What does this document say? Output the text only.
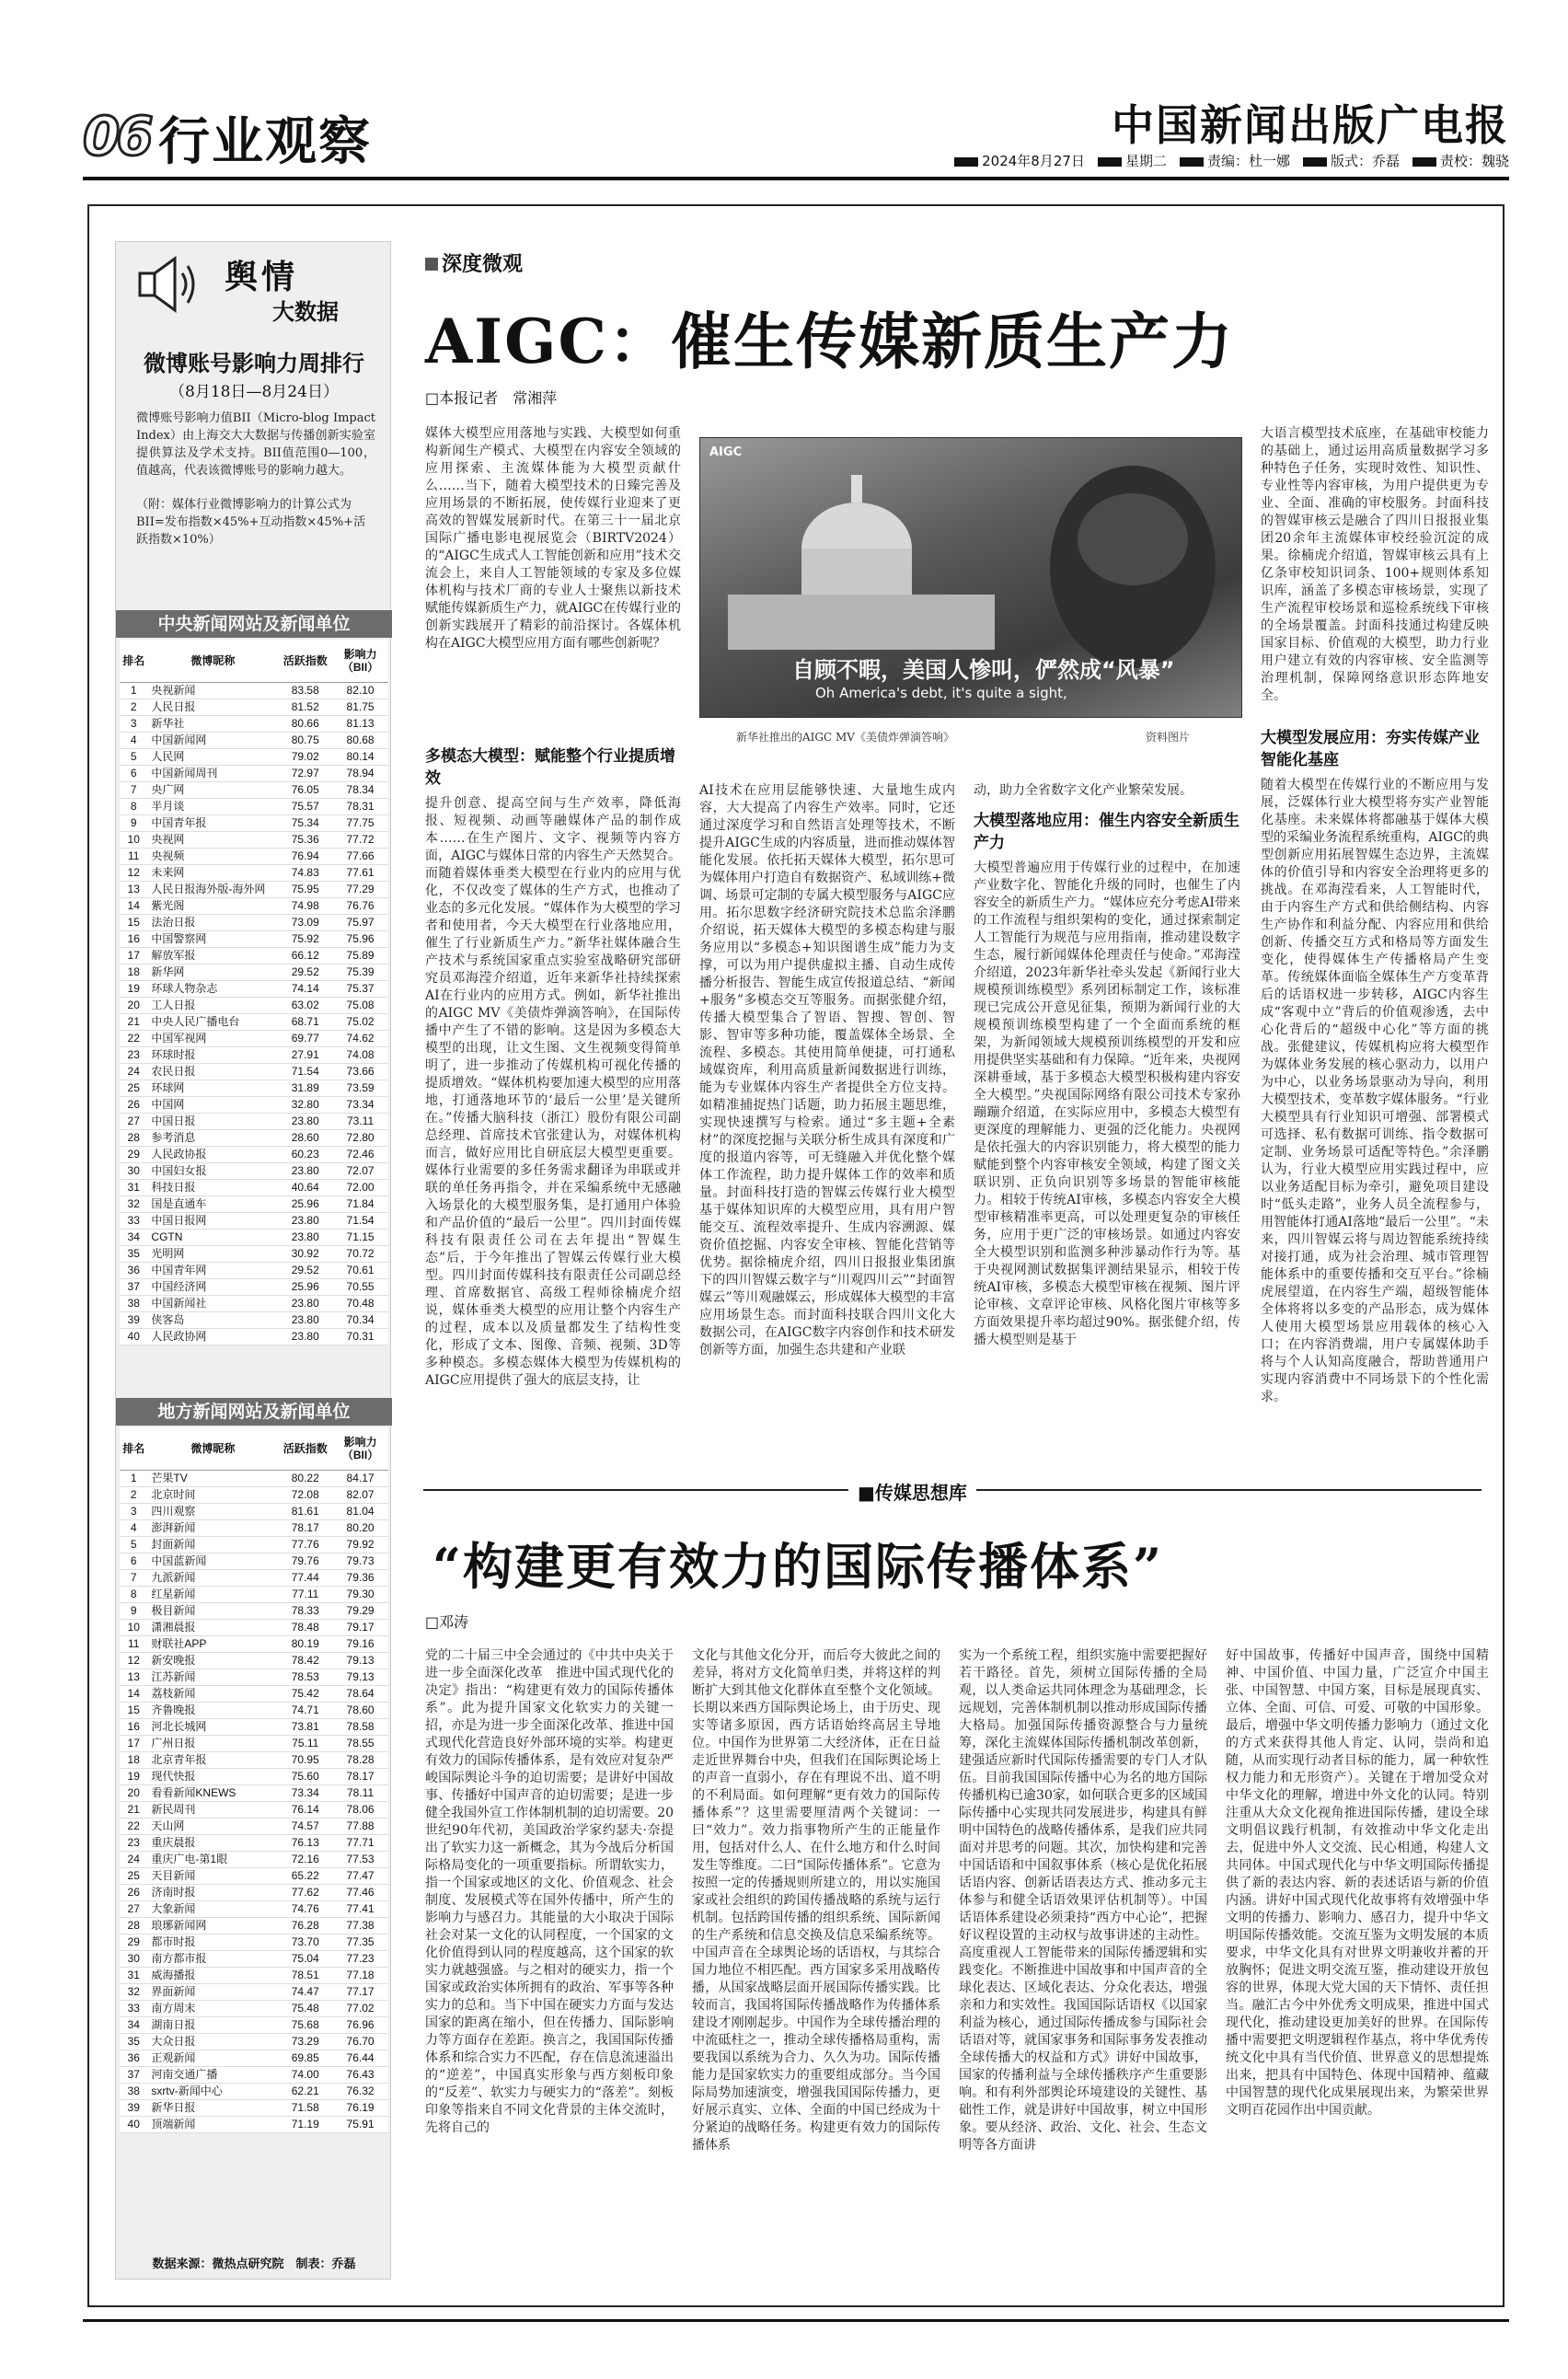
06 行业观察	中国新闻出版广电报
2024年8月27日	星期二	责编：杜一娜	版式：乔磊	责校：魏骁
舆情
大数据
微博账号影响力周排行
（8月18日—8月24日）
微博账号影响力值BII（Micro-blog Impact Index）由上海交大大数据与传播创新实验室提供算法及学术支持。BII值范围0—100，值越高，代表该微博账号的影响力越大。
（附：媒体行业微博影响力的计算公式为BII=发布指数×45%+互动指数×45%+活跃指数×10%）
中央新闻网站及新闻单位
排名	微博昵称	活跃指数	影响力（BII）
1	央视新闻	83.58	82.10
2	人民日报	81.52	81.75
3	新华社	80.66	81.13
4	中国新闻网	80.75	80.68
5	人民网	79.02	80.14
6	中国新闻周刊	72.97	78.94
7	央广网	76.05	78.34
8	半月谈	75.57	78.31
9	中国青年报	75.34	77.75
10	央视网	75.36	77.72
11	央视频	76.94	77.66
12	未来网	74.83	77.61
13	人民日报海外版-海外网	75.95	77.29
14	紫光阁	74.98	76.76
15	法治日报	73.09	75.97
16	中国警察网	75.92	75.96
17	解放军报	66.12	75.89
18	新华网	29.52	75.39
19	环球人物杂志	74.14	75.37
20	工人日报	63.02	75.08
21	中央人民广播电台	68.71	75.02
22	中国军视网	69.77	74.62
23	环球时报	27.91	74.08
24	农民日报	71.54	73.66
25	环球网	31.89	73.59
26	中国网	32.80	73.34
27	中国日报	23.80	73.11
28	参考消息	28.60	72.80
29	人民政协报	60.23	72.46
30	中国妇女报	23.80	72.07
31	科技日报	40.64	72.00
32	国是直通车	25.96	71.84
33	中国日报网	23.80	71.54
34	CGTN	23.80	71.15
35	光明网	30.92	70.72
36	中国青年网	29.52	70.61
37	中国经济网	25.96	70.55
38	中国新闻社	23.80	70.48
39	侠客岛	23.80	70.34
40	人民政协网	23.80	70.31
地方新闻网站及新闻单位
排名	微博昵称	活跃指数	影响力（BII）
1	芒果TV	80.22	84.17
2	北京时间	72.08	82.07
3	四川观察	81.61	81.04
4	澎湃新闻	78.17	80.20
5	封面新闻	77.76	79.92
6	中国蓝新闻	79.76	79.73
7	九派新闻	77.44	79.36
8	红星新闻	77.11	79.30
9	极目新闻	78.33	79.29
10	潇湘晨报	78.48	79.17
11	财联社APP	80.19	79.16
12	新安晚报	78.42	79.13
13	江苏新闻	78.53	79.13
14	荔枝新闻	75.42	78.64
15	齐鲁晚报	74.71	78.60
16	河北长城网	73.81	78.58
17	广州日报	75.11	78.55
18	北京青年报	70.95	78.28
19	现代快报	75.60	78.17
20	看看新闻KNEWS	73.34	78.11
21	新民周刊	76.14	78.06
22	天山网	74.57	77.88
23	重庆晨报	76.13	77.71
24	重庆广电-第1眼	72.16	77.53
25	天目新闻	65.22	77.47
26	济南时报	77.62	77.46
27	大象新闻	74.76	77.41
28	琅琊新闻网	76.28	77.38
29	都市时报	73.70	77.35
30	南方都市报	75.04	77.23
31	威海播报	78.51	77.18
32	界面新闻	74.47	77.17
33	南方周末	75.48	77.02
34	湖南日报	75.68	76.96
35	大众日报	73.29	76.70
36	正观新闻	69.85	76.44
37	河南交通广播	74.00	76.43
38	sxrtv-新闻中心	62.21	76.32
39	新华日报	71.58	76.19
40	顶端新闻	71.19	75.91
数据来源：微热点研究院　制表：乔磊
深度微观
AIGC：催生传媒新质生产力
□本报记者　常湘萍
媒体大模型应用落地与实践、大模型如何重构新闻生产模式、大模型在内容安全领域的应用探索、主流媒体能为大模型贡献什么……当下，随着大模型技术的日臻完善及应用场景的不断拓展，使传媒行业迎来了更高效的智媒发展新时代。在第三十一届北京国际广播电影电视展览会（BIRTV2024）的“AIGC生成式人工智能创新和应用”技术交流会上，来自人工智能领域的专家及多位媒体机构与技术厂商的专业人士聚焦以新技术赋能传媒新质生产力，就AIGC在传媒行业的创新实践展开了精彩的前沿探讨。各媒体机构在AIGC大模型应用方面有哪些创新呢？
AIGC
自顾不暇，美国人惨叫，俨然成“风暴”
Oh America's debt, it's quite a sight,
新华社推出的AIGC MV《美债炸弹滴答响》	资料图片
大语言模型技术底座，在基础审校能力的基础上，通过运用高质量数据学习多种特色子任务，实现时效性、知识性、专业性等内容审核，为用户提供更为专业、全面、准确的审校服务。封面科技的智媒审核云是融合了四川日报报业集团20余年主流媒体审校经验沉淀的成果。徐楠虎介绍道，智媒审核云具有上亿条审校知识词条、100+规则体系知识库，涵盖了多模态审核场景，实现了生产流程审校场景和巡检系统线下审核的全场景覆盖。封面科技通过构建反映国家目标、价值观的大模型，助力行业用户建立有效的内容审核、安全监测等治理机制，保障网络意识形态阵地安全。
大模型发展应用：夯实传媒产业智能化基座
随着大模型在传媒行业的不断应用与发展，泛媒体行业大模型将夯实产业智能化基座。未来媒体将都融基于媒体大模型的采编业务流程系统重构，AIGC的典型创新应用拓展智媒生态边界，主流媒体的价值引导和内容安全治理将更多的挑战。在邓海滢看来，人工智能时代，由于内容生产方式和供给侧结构、内容生产协作和利益分配、内容应用和供给创新、传播交互方式和格局等方面发生变化，使得媒体生产传播格局产生变革。传统媒体面临全媒体生产方变革背后的话语权进一步转移，AIGC内容生成“客观中立”背后的价值观渗透，去中心化背后的“超级中心化”等方面的挑战。张健建议，传媒机构应将大模型作为媒体业务发展的核心驱动力，以用户为中心，以业务场景驱动为导向，利用大模型技术，变革数字媒体服务。“行业大模型具有行业知识可增强、部署模式可选择、私有数据可训练、指令数据可定制、业务场景可适配等特色。”余泽鹏认为，行业大模型应用实践过程中，应以业务适配目标为牵引，避免项目建设时“低头走路”，业务人员全流程参与，用智能体打通AI落地“最后一公里”。“未来，四川智媒云将与周边智能系统持续对接打通，成为社会治理、城市管理智能体系中的重要传播和交互平台。”徐楠虎展望道，在内容生产端，超级智能体全体将将以多变的产品形态，成为媒体人使用大模型场景应用载体的核心入口；在内容消费端，用户专属媒体助手将与个人认知高度融合，帮助普通用户实现内容消费中不同场景下的个性化需求。
多模态大模型：赋能整个行业提质增效
提升创意、提高空间与生产效率，降低海报、短视频、动画等融媒体产品的制作成本……在生产图片、文字、视频等内容方面，AIGC与媒体日常的内容生产天然契合。而随着媒体垂类大模型在行业内的应用与优化，不仅改变了媒体的生产方式，也推动了业态的多元化发展。“媒体作为大模型的学习者和使用者，今天大模型在行业落地应用，催生了行业新质生产力。”新华社媒体融合生产技术与系统国家重点实验室战略研究部研究员邓海滢介绍道，近年来新华社持续探索AI在行业内的应用方式。例如，新华社推出的AIGC MV《美债炸弹滴答响》，在国际传播中产生了不错的影响。这是因为多模态大模型的出现，让文生图、文生视频变得简单明了，进一步推动了传媒机构可视化传播的提质增效。“媒体机构要加速大模型的应用落地，打通落地环节的‘最后一公里’是关键所在。”传播大脑科技（浙江）股份有限公司副总经理、首席技术官张建认为，对媒体机构而言，做好应用比自研底层大模型更重要。媒体行业需要的多任务需求翻译为串联或并联的单任务再指令，并在采编系统中无感融入场景化的大模型服务集，是打通用户体验和产品价值的“最后一公里”。四川封面传媒科技有限责任公司在去年提出“智媒生态”后，于今年推出了智媒云传媒行业大模型。四川封面传媒科技有限责任公司副总经理、首席数据官、高级工程师徐楠虎介绍说，媒体垂类大模型的应用让整个内容生产的过程，成本以及质量都发生了结构性变化，形成了文本、图像、音频、视频、3D等多种模态。多模态媒体大模型为传媒机构的AIGC应用提供了强大的底层支持，让
AI技术在应用层能够快速、大量地生成内容，大大提高了内容生产效率。同时，它还通过深度学习和自然语言处理等技术，不断提升AIGC生成的内容质量，进而推动媒体智能化发展。依托拓天媒体大模型，拓尔思可为媒体用户打造自有数据资产、私域训练+微调、场景可定制的专属大模型服务与AIGC应用。拓尔思数字经济研究院技术总监余泽鹏介绍说，拓天媒体大模型的多模态构建与服务应用以“多模态+知识图谱生成”能力为支撑，可以为用户提供虚拟主播、自动生成传播分析报告、智能生成宣传报道总结、“新闻+服务”多模态交互等服务。而据张健介绍，传播大模型集合了智语、智搜、智创、智影、智审等多种功能，覆盖媒体全场景、全流程、多模态。其使用简单便捷，可打通私域媒资库，利用高质量新闻数据进行训练，能为专业媒体内容生产者提供全方位支持。如精准捕捉热门话题，助力拓展主题思维，实现快速撰写与检索。通过“多主题+全素材”的深度挖掘与关联分析生成具有深度和广度的报道内容等，可无缝融入并优化整个媒体工作流程，助力提升媒体工作的效率和质量。封面科技打造的智媒云传媒行业大模型基于媒体知识库的大模型应用，具有用户智能交互、流程效率提升、生成内容溯源、媒资价值挖掘、内容安全审核、智能化营销等优势。据徐楠虎介绍，四川日报报业集团旗下的四川智媒云数字与“川观四川云”“封面智媒云”等川观融媒云，形成媒体大模型的丰富应用场景生态。而封面科技联合四川文化大数据公司，在AIGC数字内容创作和技术研发创新等方面，加强生态共建和产业联
动，助力全省数字文化产业繁荣发展。
大模型落地应用：催生内容安全新质生产力
大模型普遍应用于传媒行业的过程中，在加速产业数字化、智能化升级的同时，也催生了内容安全的新质生产力。“媒体应充分考虑AI带来的工作流程与组织架构的变化，通过探索制定人工智能行为规范与应用指南，推动建设数字生态，履行新闻媒体伦理责任与使命。”邓海滢介绍道，2023年新华社牵头发起《新闻行业大规模预训练模型》系列团标制定工作，该标准现已完成公开意见征集，预期为新闻行业的大规模预训练模型构建了一个全面而系统的框架，为新闻领域大规模预训练模型的开发和应用提供坚实基础和有力保障。“近年来，央视网深耕垂域，基于多模态大模型积极构建内容安全大模型。”央视国际网络有限公司技术专家孙蹦蹦介绍道，在实际应用中，多模态大模型有更深度的理解能力、更强的泛化能力。央视网是依托强大的内容识别能力，将大模型的能力赋能到整个内容审核安全领域，构建了图文关联识别、正负向识别等多场景的智能审核能力。相较于传统AI审核，多模态内容安全大模型审核精准率更高，可以处理更复杂的审核任务，应用于更广泛的审核场景。如通过内容安全大模型识别和监测多种涉暴动作行为等。基于央视网测试数据集评测结果显示，相较于传统AI审核，多模态大模型审核在视频、图片评论审核、文章评论审核、风格化图片审核等多方面效果提升率均超过90%。据张健介绍，传播大模型则是基于
■传媒思想库
“构建更有效力的国际传播体系”
□邓涛
党的二十届三中全会通过的《中共中央关于进一步全面深化改革　推进中国式现代化的决定》指出：“构建更有效力的国际传播体系”。此为提升国家文化软实力的关键一招，亦是为进一步全面深化改革、推进中国式现代化营造良好外部环境的实举。构建更有效力的国际传播体系，是有效应对复杂严峻国际舆论斗争的迫切需要；是讲好中国故事、传播好中国声音的迫切需要；是进一步健全我国外宣工作体制机制的迫切需要。20世纪90年代初，美国政治学家约瑟夫·奈提出了软实力这一新概念，其为今战后分析国际格局变化的一项重要指标。所谓软实力，指一个国家或地区的文化、价值观念、社会制度、发展模式等在国外传播中，所产生的影响力与感召力。其能量的大小取决于国际社会对某一文化的认同程度，一个国家的文化价值得到认同的程度越高，这个国家的软实力就越强盛。与之相对的硬实力，指一个国家或政治实体所拥有的政治、军事等各种实力的总和。当下中国在硬实力方面与发达国家的距离在缩小，但在传播力、国际影响力等方面存在差距。换言之，我国国际传播体系和综合实力不匹配，存在信息流速溢出的“逆差”，中国真实形象与西方刻板印象的“反差”、软实力与硬实力的“落差”。刻板印象等指来自不同文化背景的主体交流时，先将自己的
文化与其他文化分开，而后夸大彼此之间的差异，将对方文化简单归类，并将这样的判断扩大到其他文化群体直至整个文化领域。长期以来西方国际舆论场上，由于历史、现实等诸多原因，西方话语始终高居主导地位。中国作为世界第二大经济体，正在日益走近世界舞台中央，但我们在国际舆论场上的声音一直弱小，存在有理说不出、道不明的不利局面。如何理解“更有效力的国际传播体系”？这里需要厘清两个关键词：一曰“效力”。效力指事物所产生的正能量作用，包括对什么人、在什么地方和什么时间发生等维度。二曰“国际传播体系”。它意为按照一定的传播规则所建立的，用以实施国家或社会组织的跨国传播战略的系统与运行机制。包括跨国传播的组织系统、国际新闻的生产系统和信息交换及信息采编系统等。中国声音在全球舆论场的话语权，与其综合国力地位不相匹配。西方国家多采用战略传播，从国家战略层面开展国际传播实践。比较而言，我国将国际传播战略作为传播体系建设才刚刚起步。中国作为全球传播治理的中流砥柱之一，推动全球传播格局重构，需要我国以系统为合力、久久为功。国际传播能力是国家软实力的重要组成部分。当今国际局势加速演变，增强我国国际传播力，更好展示真实、立体、全面的中国已经成为十分紧迫的战略任务。构建更有效力的国际传播体系
实为一个系统工程，组织实施中需要把握好若干路径。首先，须树立国际传播的全局观，以人类命运共同体理念为基础理念，长远规划，完善体制机制以推动形成国际传播大格局。加强国际传播资源整合与力量统筹，深化主流媒体国际传播机制改革创新，建强适应新时代国际传播需要的专门人才队伍。目前我国国际传播中心为名的地方国际传播机构已逾30家，如何联合更多的区域国际传播中心实现共同发展进步，构建具有鲜明中国特色的战略传播体系，是我们应共同面对并思考的问题。其次，加快构建和完善中国话语和中国叙事体系（核心是优化拓展话语内容、创新话语表达方式、推动多元主体参与和健全话语效果评估机制等）。中国话语体系建设必须秉持“西方中心论”，把握好议程设置的主动权与故事讲述的主动性。高度重视人工智能带来的国际传播逻辑和实践变化。不断推进中国故事和中国声音的全球化表达、区域化表达、分众化表达，增强亲和力和实效性。我国国际话语权《以国家利益为核心，通过国际传播成参与国际社会话语对等，就国家事务和国际事务发表推动全球传播大的权益和方式》讲好中国故事，国家的传播利益与全球传播秩序产生重要影响。和有利外部舆论环境建设的关键性、基础性工作，就是讲好中国故事，树立中国形象。要从经济、政治、文化、社会、生态文明等各方面讲
好中国故事，传播好中国声音，围绕中国精神、中国价值、中国力量，广泛宣介中国主张、中国智慧、中国方案，目标是展现真实、立体、全面、可信、可爱、可敬的中国形象。最后，增强中华文明传播力影响力（通过文化的方式来获得其他人肯定、认同，崇尚和追随，从而实现行动者目标的能力，属一种软性权力能力和无形资产）。关键在于增加受众对中华文化的理解，增进中外文化的认同。特别注重从大众文化视角推进国际传播，建设全球文明倡议践行机制，有效推动中华文化走出去，促进中外人文交流、民心相通，构建人文共同体。中国式现代化与中华文明国际传播提供了新的表达内容、新的表述话语与新的价值内涵。讲好中国式现代化故事将有效增强中华文明的传播力、影响力、感召力，提升中华文明国际传播效能。交流互鉴为文明发展的本质要求，中华文化具有对世界文明兼收并蓄的开放胸怀；促进文明交流互鉴，推动建设开放包容的世界，体现大党大国的天下情怀、责任担当。融汇古今中外优秀文明成果，推进中国式现代化，推动建设更加美好的世界。在国际传播中需要把文明逻辑程作基点，将中华优秀传统文化中具有当代价值、世界意义的思想提炼出来，把具有中国特色、体现中国精神、蕴藏中国智慧的现代化成果展现出来，为繁荣世界文明百花园作出中国贡献。
